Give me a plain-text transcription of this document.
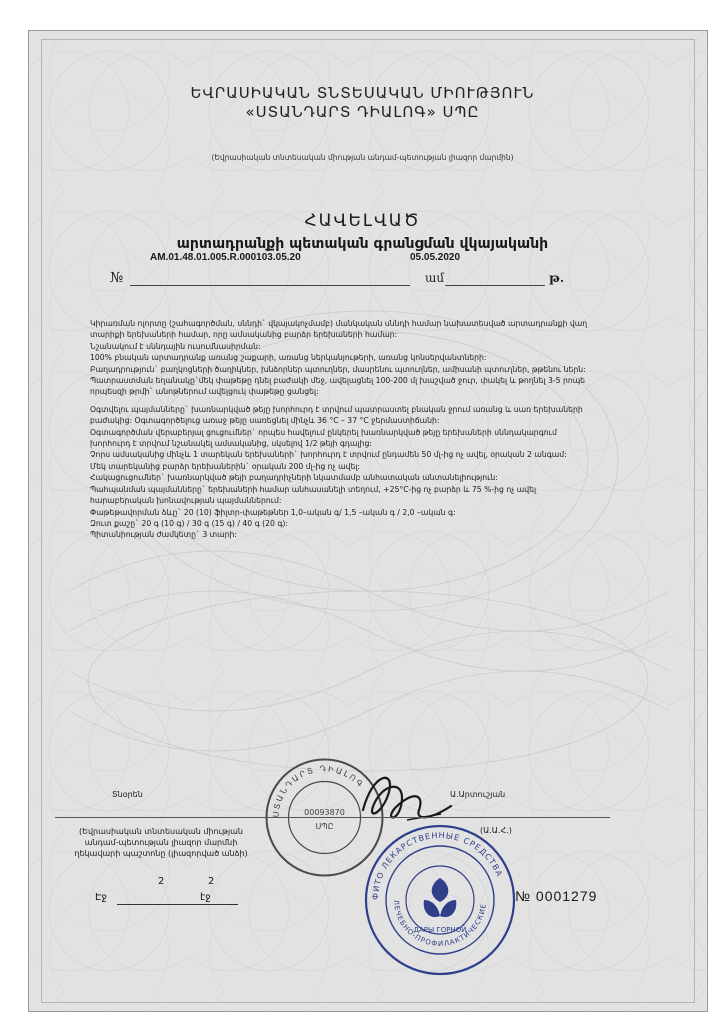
ԵՎՐԱՍԻԱԿԱՆ ՏՆՏԵՍԱԿԱՆ ՄԻՈՒԹՅՈՒՆ
«ՍՏԱՆԴԱՐՏ ԴԻԱԼՈԳ» ՍՊԸ
(Եվրասիական տնտեսական միության անդամ-պետության լիազոր մարմին)
ՀԱՎԵԼՎԱԾ
արտադրանքի պետական գրանցման վկայականի
AM.01.48.01.005.R.000103.05.20	05.05.2020
№	ամ	թ.

Կիրառման ոլորտը (շահագործման, սննդի` վկայակոչմամբ) մանկական սննդի համար նախատեսված արտադրանքի վաղ տարիքի երեխաների համար, որը ամսականից բարձր երեխաների համար:

Նշանակում է սննդային ուսումնասիրման:

100% բնական արտադրանք առանց շաքարի, առանց ներկանյութերի, առանց կոնսերվանտների:

Բաղադրություն` բաղկոցների ծաղիկներ, խնձորներ պտուղներ, մասրենու պտուղներ, ամիսանի պտուղներ, թթենու ներն:

Պատրաստման եղանակը`մեկ փաթեթը դնել բաժակի մեջ, ավելացնել 100-200 մլ խաշված ջուր, փակել և թողնել 3-5 րոպե որպեսզի թրմի` անոթներում ավելցուկ փաթեթը ցանցել:

Օգտվելու պայմանները` խառնարկված թեյը խորհուրդ է տրվում պատրաստել բնական ջրում առանց և սառ երեխաների բաժակից: Օգտագործելուց առաջ թեյը սառեցնել մինչև 36 °C – 37 °C ջերմաստիճանի:

Օգտագործման վերաբերյալ ցուցումներ` որպես հավելում ընկերել խառնարկված թեյը երեխաների սննդակարգում խորհուրդ է տրվում նշանակել ամսականից, սկսելով 1/2 թեյի գդալից:

Չորս ամսականից մինչև 1 տարեկան երեխաների` խորհուրդ է տրվում ընդամեն 50 մլ-ից ոչ ավել, օրական 2 անգամ:

Մեկ տարեկանից բարձր երեխաներին` օրական 200 մլ-ից ոչ ավել:

Հակացուցումներ` խառնարկված թեյի բաղադրիչների նկատմամբ անհատական անտանելիություն:

Պահպանման պայմանները` երեխաների համար անհասանելի տեղում, +25°C-ից ոչ բարձր և 75 %-ից ոչ ավել հարաբերական խոնավության պայմաններում:

Փաթեթավորման ձևը` 20 (10) ֆիլտր-փաթեթներ 1,0–ական գ/ 1,5 –ական գ / 2,0 –ական գ:

Զուտ քաշը` 20 գ (10 գ) / 30 գ (15 գ) / 40 գ (20 գ):

Պիտանիության ժամկետը` 3 տարի:

ՍՏԱՆԴԱՐՏ ԴԻԱԼՈԳ
00093870
ՍՊԸ
Տնօրեն	Ա.Արտուշյան
(Եվրասիական տնտեսական միության
անդամ-պետության լիազոր մարմնի
ղեկավարի պաշտոնը (լիազորված անձի)
(Ա.Ա.Հ.)
Էջ
2
էջ
2
ФИТО ЛЕКАРСТВЕННЫЕ СРЕДСТВА
ЛЕЧЕБНО-ПРОФИЛАКТИЧЕСКИЕ
ДАРЫ ГОРНОЙ
№ 0001279
